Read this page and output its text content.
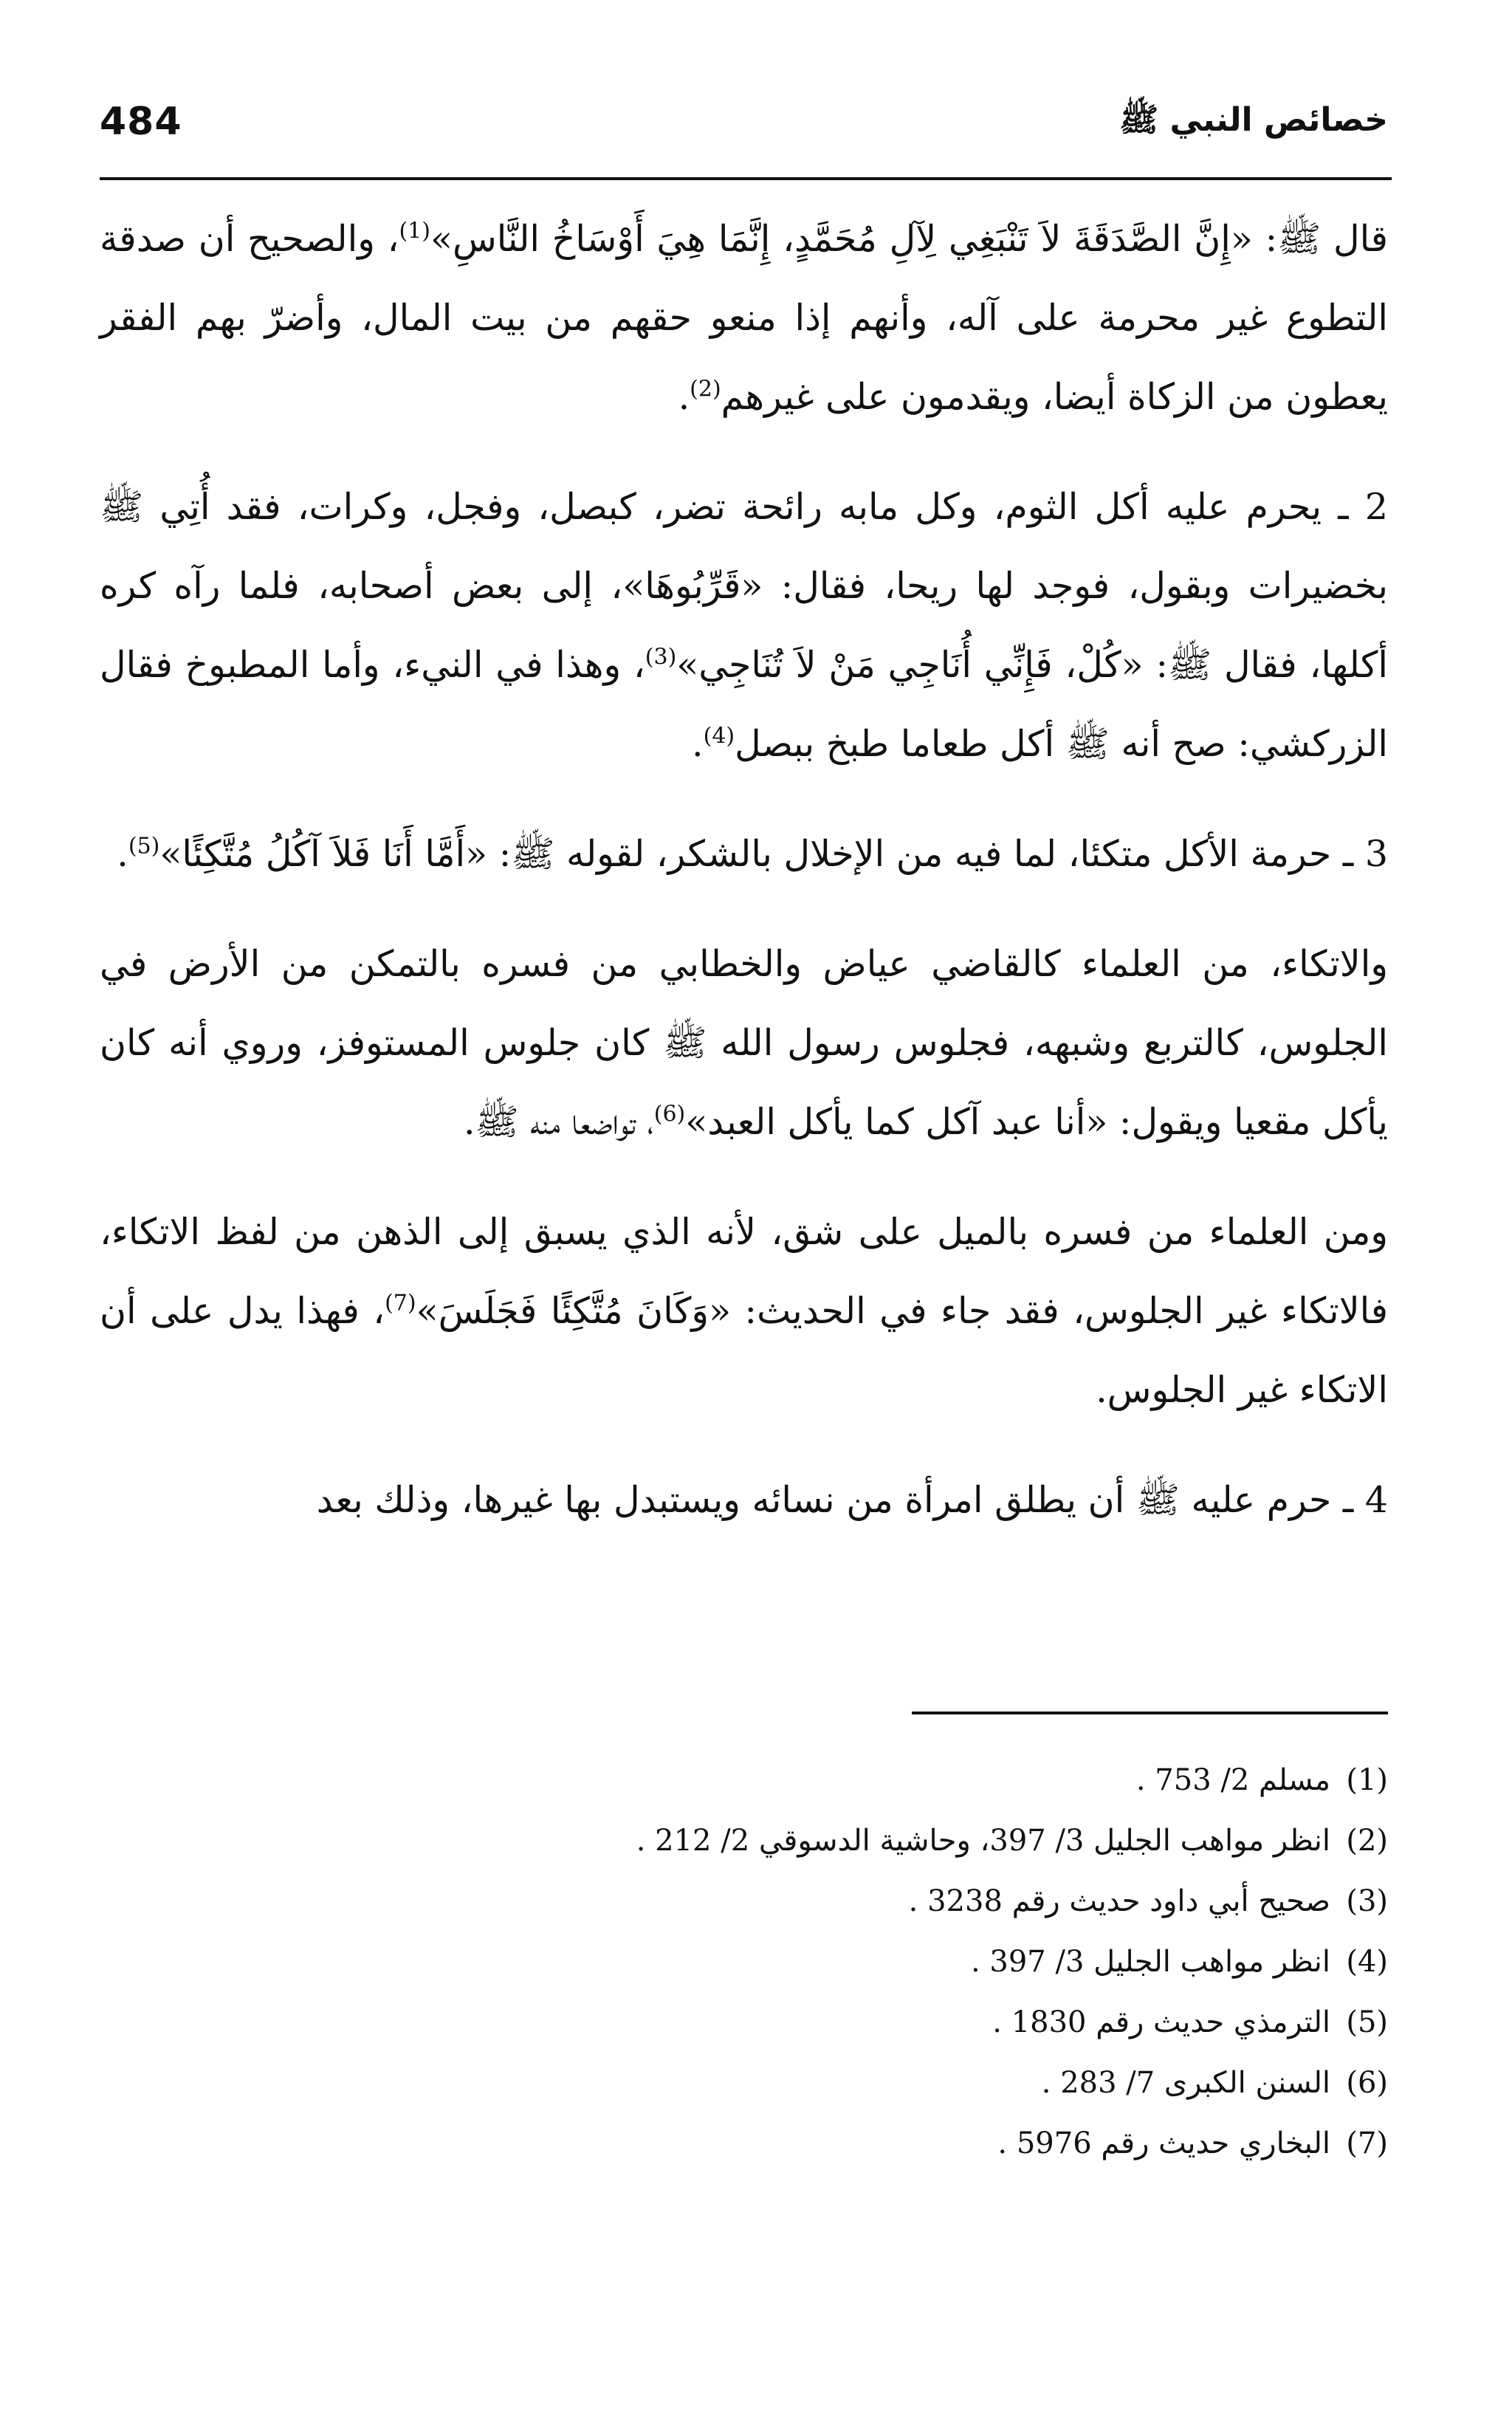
484	خصائص النبي ﷺ

قال ﷺ: «إِنَّ الصَّدَقَةَ لاَ تَنْبَغِي لِآلِ مُحَمَّدٍ، إِنَّمَا هِيَ أَوْسَاخُ النَّاسِ»$^{(1)}$، والصحيح أن صدقة التطوع غير محرمة على آله، وأنهم إذا منعو حقهم من بيت المال، وأضرّ بهم الفقر يعطون من الزكاة أيضا، ويقدمون على غيرهم$^{(2)}$.

2 ـ يحرم عليه أكل الثوم، وكل مابه رائحة تضر، كبصل، وفجل، وكرات، فقد أُتِي ﷺ بخضيرات وبقول، فوجد لها ريحا، فقال: «قَرِّبُوهَا»، إلى بعض أصحابه، فلما رآه كره أكلها، فقال ﷺ: «كُلْ، فَإِنِّي أُنَاجِي مَنْ لاَ تُنَاجِي»$^{(3)}$، وهذا في النيء، وأما المطبوخ فقال الزركشي: صح أنه ﷺ أكل طعاما طبخ ببصل$^{(4)}$.

3 ـ حرمة الأكل متكئا، لما فيه من الإخلال بالشكر، لقوله ﷺ: «أَمَّا أَنَا فَلاَ آكُلُ مُتَّكِئًا»$^{(5)}$.

والاتكاء، من العلماء كالقاضي عياض والخطابي من فسره بالتمكن من الأرض في الجلوس، كالتربع وشبهه، فجلوس رسول الله ﷺ كان جلوس المستوفز، وروي أنه كان يأكل مقعيا ويقول: «أنا عبد آكل كما يأكل العبد»$^{(6)}$، تواضعا منه ﷺ.

ومن العلماء من فسره بالميل على شق، لأنه الذي يسبق إلى الذهن من لفظ الاتكاء، فالاتكاء غير الجلوس، فقد جاء في الحديث: «وَكَانَ مُتَّكِئًا فَجَلَسَ»$^{(7)}$، فهذا يدل على أن الاتكاء غير الجلوس.

4 ـ حرم عليه ﷺ أن يطلق امرأة من نسائه ويستبدل بها غيرها، وذلك بعد

(1)
مسلم 2/ 753 .
(2)
انظر مواهب الجليل 3/ 397، وحاشية الدسوقي 2/ 212 .
(3)
صحيح أبي داود حديث رقم 3238 .
(4)
انظر مواهب الجليل 3/ 397 .
(5)
الترمذي حديث رقم 1830 .
(6)
السنن الكبرى 7/ 283 .
(7)
البخاري حديث رقم 5976 .
